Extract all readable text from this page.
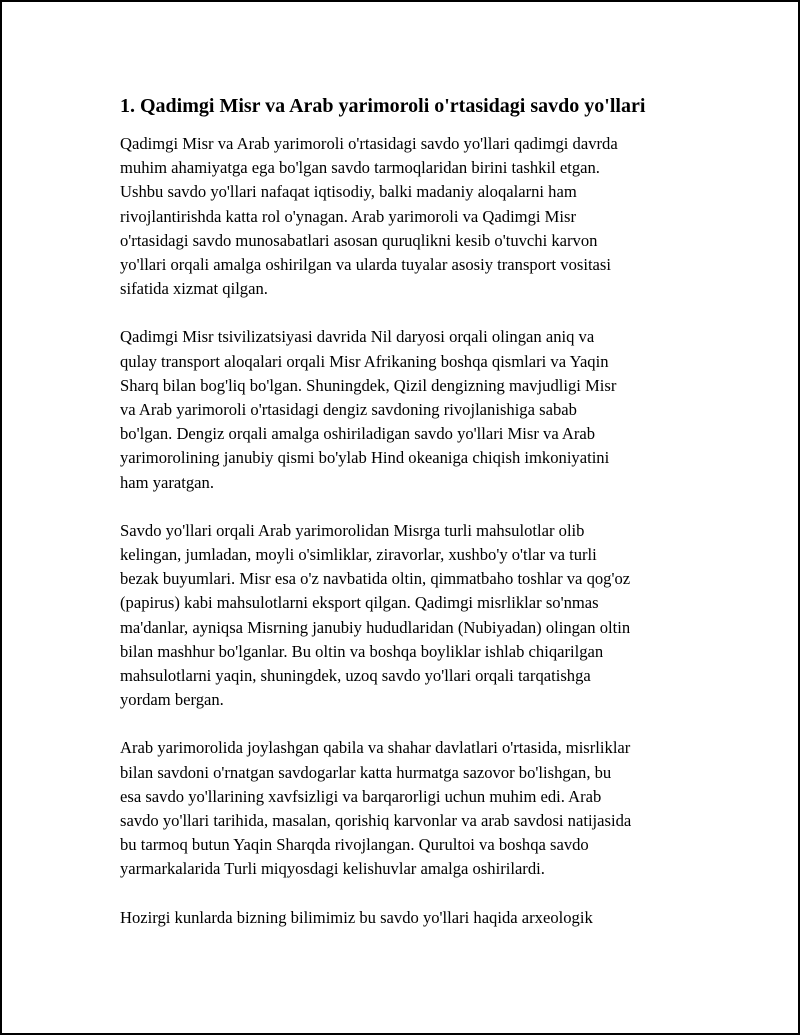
1. Qadimgi Misr va Arab yarimoroli o'rtasidagi savdo yo'llari

Qadimgi Misr va Arab yarimoroli o'rtasidagi savdo yo'llari qadimgi davrda
muhim ahamiyatga ega bo'lgan savdo tarmoqlaridan birini tashkil etgan.
Ushbu savdo yo'llari nafaqat iqtisodiy, balki madaniy aloqalarni ham
rivojlantirishda katta rol o'ynagan. Arab yarimoroli va Qadimgi Misr
o'rtasidagi savdo munosabatlari asosan quruqlikni kesib o'tuvchi karvon
yo'llari orqali amalga oshirilgan va ularda tuyalar asosiy transport vositasi
sifatida xizmat qilgan.

Qadimgi Misr tsivilizatsiyasi davrida Nil daryosi orqali olingan aniq va
qulay transport aloqalari orqali Misr Afrikaning boshqa qismlari va Yaqin
Sharq bilan bog'liq bo'lgan. Shuningdek, Qizil dengizning mavjudligi Misr
va Arab yarimoroli o'rtasidagi dengiz savdoning rivojlanishiga sabab
bo'lgan. Dengiz orqali amalga oshiriladigan savdo yo'llari Misr va Arab
yarimorolining janubiy qismi bo'ylab Hind okeaniga chiqish imkoniyatini
ham yaratgan.

Savdo yo'llari orqali Arab yarimorolidan Misrga turli mahsulotlar olib
kelingan, jumladan, moyli o'simliklar, ziravorlar, xushbo'y o'tlar va turli
bezak buyumlari. Misr esa o'z navbatida oltin, qimmatbaho toshlar va qog'oz
(papirus) kabi mahsulotlarni eksport qilgan. Qadimgi misrliklar so'nmas
ma'danlar, ayniqsa Misrning janubiy hududlaridan (Nubiyadan) olingan oltin
bilan mashhur bo'lganlar. Bu oltin va boshqa boyliklar ishlab chiqarilgan
mahsulotlarni yaqin, shuningdek, uzoq savdo yo'llari orqali tarqatishga
yordam bergan.

Arab yarimorolida joylashgan qabila va shahar davlatlari o'rtasida, misrliklar
bilan savdoni o'rnatgan savdogarlar katta hurmatga sazovor bo'lishgan, bu
esa savdo yo'llarining xavfsizligi va barqarorligi uchun muhim edi. Arab
savdo yo'llari tarihida, masalan, qorishiq karvonlar va arab savdosi natijasida
bu tarmoq butun Yaqin Sharqda rivojlangan. Qurultoi va boshqa savdo
yarmarkalarida Turli miqyosdagi kelishuvlar amalga oshirilardi.

Hozirgi kunlarda bizning bilimimiz bu savdo yo'llari haqida arxeologik
